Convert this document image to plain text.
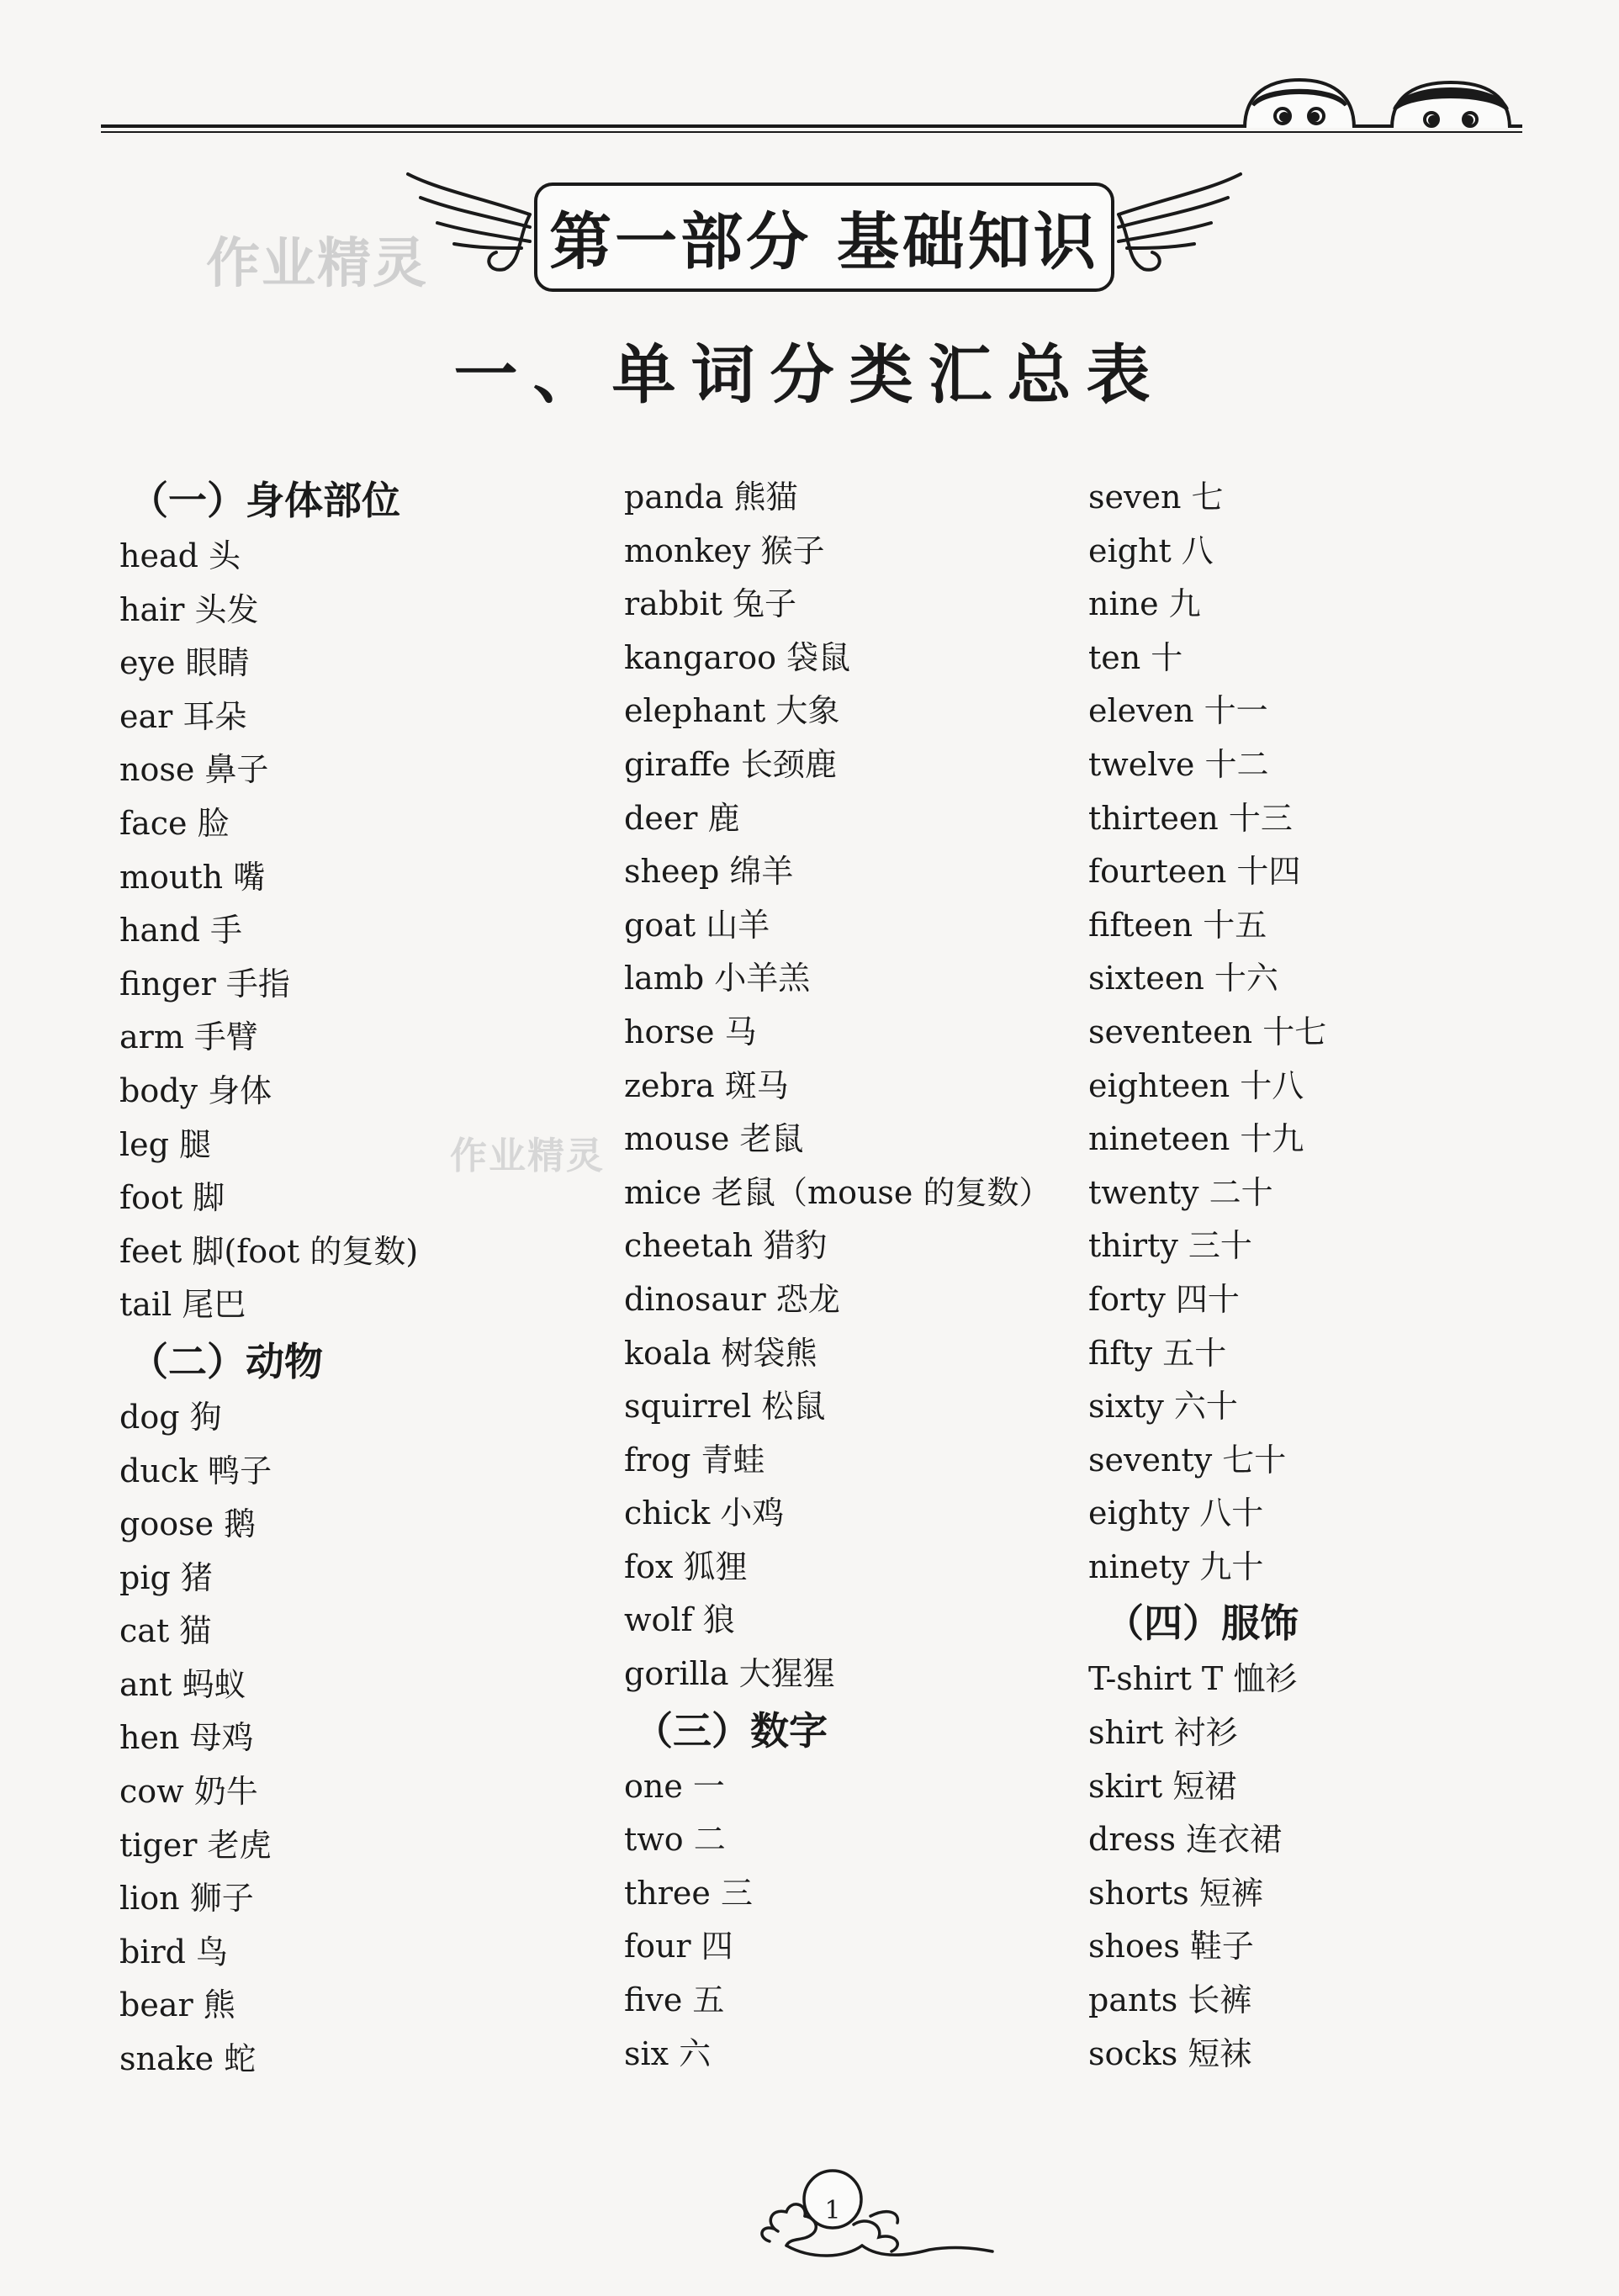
作业精灵
作业精灵
第一部分 基础知识
一、单词分类汇总表
（一）身体部位
head 头
hair 头发
eye 眼睛
ear 耳朵
nose 鼻子
face 脸
mouth 嘴
hand 手
finger 手指
arm 手臂
body 身体
leg 腿
foot 脚
feet 脚(foot 的复数)
tail 尾巴
（二）动物
dog 狗
duck 鸭子
goose 鹅
pig 猪
cat 猫
ant 蚂蚁
hen 母鸡
cow 奶牛
tiger 老虎
lion 狮子
bird 鸟
bear 熊
snake 蛇
panda 熊猫
monkey 猴子
rabbit 兔子
kangaroo 袋鼠
elephant 大象
giraffe 长颈鹿
deer 鹿
sheep 绵羊
goat 山羊
lamb 小羊羔
horse 马
zebra 斑马
mouse 老鼠
mice 老鼠（mouse 的复数）
cheetah 猎豹
dinosaur 恐龙
koala 树袋熊
squirrel 松鼠
frog 青蛙
chick 小鸡
fox 狐狸
wolf 狼
gorilla 大猩猩
（三）数字
one 一
two 二
three 三
four 四
five 五
six 六
seven 七
eight 八
nine 九
ten 十
eleven 十一
twelve 十二
thirteen 十三
fourteen 十四
fifteen 十五
sixteen 十六
seventeen 十七
eighteen 十八
nineteen 十九
twenty 二十
thirty 三十
forty 四十
fifty 五十
sixty 六十
seventy 七十
eighty 八十
ninety 九十
（四）服饰
T-shirt T 恤衫
shirt 衬衫
skirt 短裙
dress 连衣裙
shorts 短裤
shoes 鞋子
pants 长裤
socks 短袜
1
